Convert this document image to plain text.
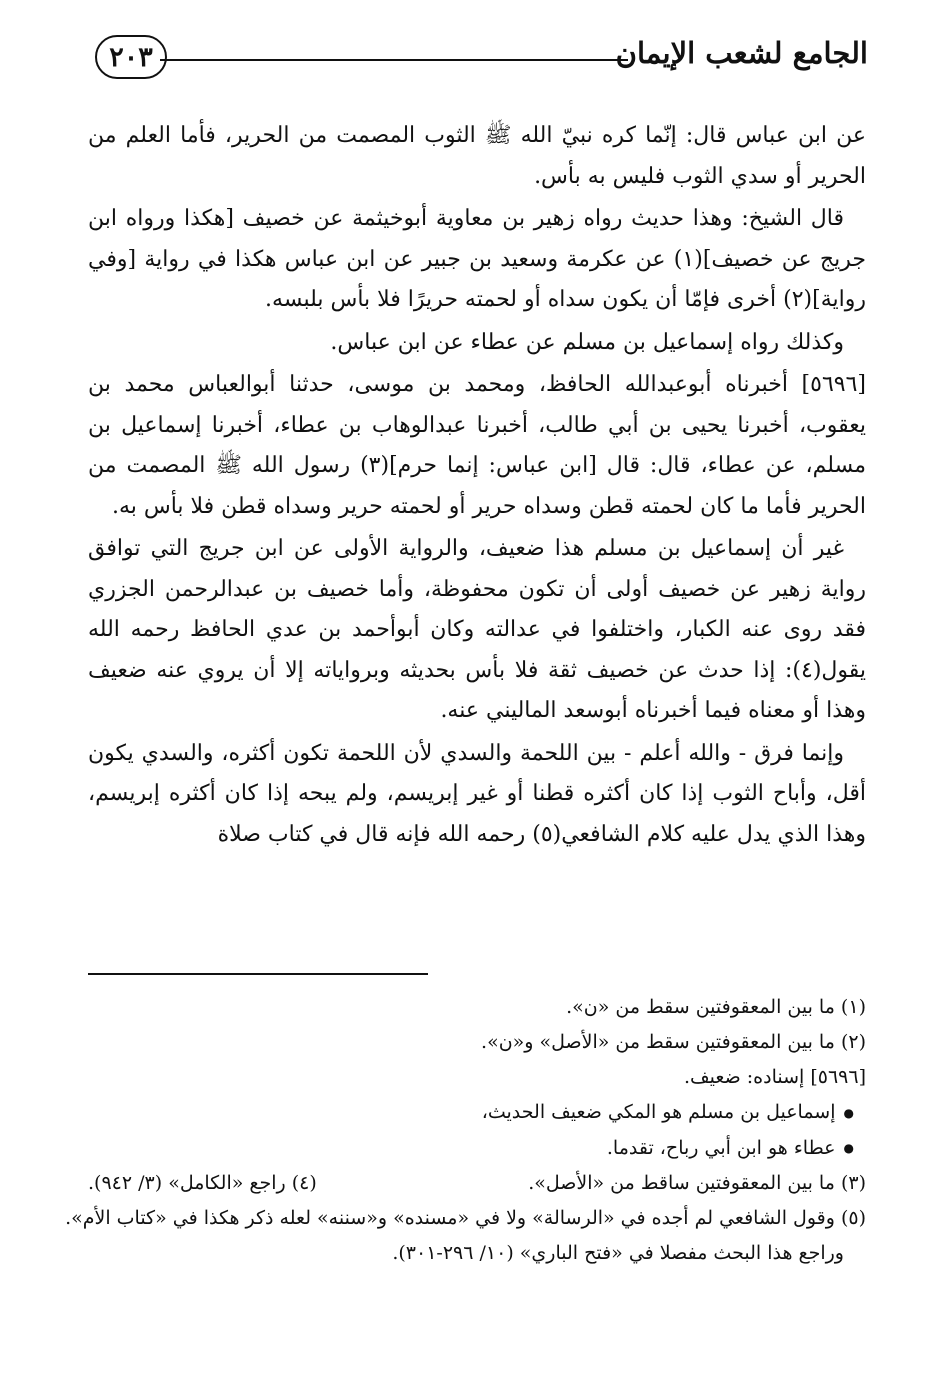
الجامع لشعب الإيمان
٢٠٣

عن ابن عباس قال: إنّما كره نبيّ الله ﷺ الثوب المصمت من الحرير، فأما العلم من الحرير أو سدي الثوب فليس به بأس.

قال الشيخ: وهذا حديث رواه زهير بن معاوية أبوخيثمة عن خصيف [هكذا ورواه ابن جريج عن خصيف](١) عن عكرمة وسعيد بن جبير عن ابن عباس هكذا في رواية [وفي رواية](٢) أخرى فإمّا أن يكون سداه أو لحمته حريرًا فلا بأس بلبسه.

وكذلك رواه إسماعيل بن مسلم عن عطاء عن ابن عباس.

[٥٦٩٦] أخبرناه أبوعبدالله الحافظ، ومحمد بن موسى، حدثنا أبوالعباس محمد بن يعقوب، أخبرنا يحيى بن أبي طالب، أخبرنا عبدالوهاب بن عطاء، أخبرنا إسماعيل بن مسلم، عن عطاء، قال: قال [ابن عباس: إنما حرم](٣) رسول الله ﷺ المصمت من الحرير فأما ما كان لحمته قطن وسداه حرير أو لحمته حرير وسداه قطن فلا بأس به.

غير أن إسماعيل بن مسلم هذا ضعيف، والرواية الأولى عن ابن جريج التي توافق رواية زهير عن خصيف أولى أن تكون محفوظة، وأما خصيف بن عبدالرحمن الجزري فقد روى عنه الكبار، واختلفوا في عدالته وكان أبوأحمد بن عدي الحافظ رحمه الله يقول(٤): إذا حدث عن خصيف ثقة فلا بأس بحديثه وبرواياته إلا أن يروي عنه ضعيف وهذا أو معناه فيما أخبرناه أبوسعد الماليني عنه.

وإنما فرق - والله أعلم - بين اللحمة والسدي لأن اللحمة تكون أكثره، والسدي يكون أقل، وأباح الثوب إذا كان أكثره قطنا أو غير إبريسم، ولم يبحه إذا كان أكثره إبريسم، وهذا الذي يدل عليه كلام الشافعي(٥) رحمه الله فإنه قال في كتاب صلاة

(١) ما بين المعقوفتين سقط من «ن».

(٢) ما بين المعقوفتين سقط من «الأصل» و«ن».

[٥٦٩٦] إسناده: ضعيف.

●إسماعيل بن مسلم هو المكي ضعيف الحديث،
●عطاء هو ابن أبي رباح، تقدما.
(٣) ما بين المعقوفتين ساقط من «الأصل».
(٤) راجع «الكامل» (٣/ ٩٤٢).

(٥) وقول الشافعي لم أجده في «الرسالة» ولا في «مسنده» و«سننه» لعله ذكر هكذا في «كتاب الأم».

وراجع هذا البحث مفصلا في «فتح الباري» (١٠/ ٢٩٦-٣٠١).
